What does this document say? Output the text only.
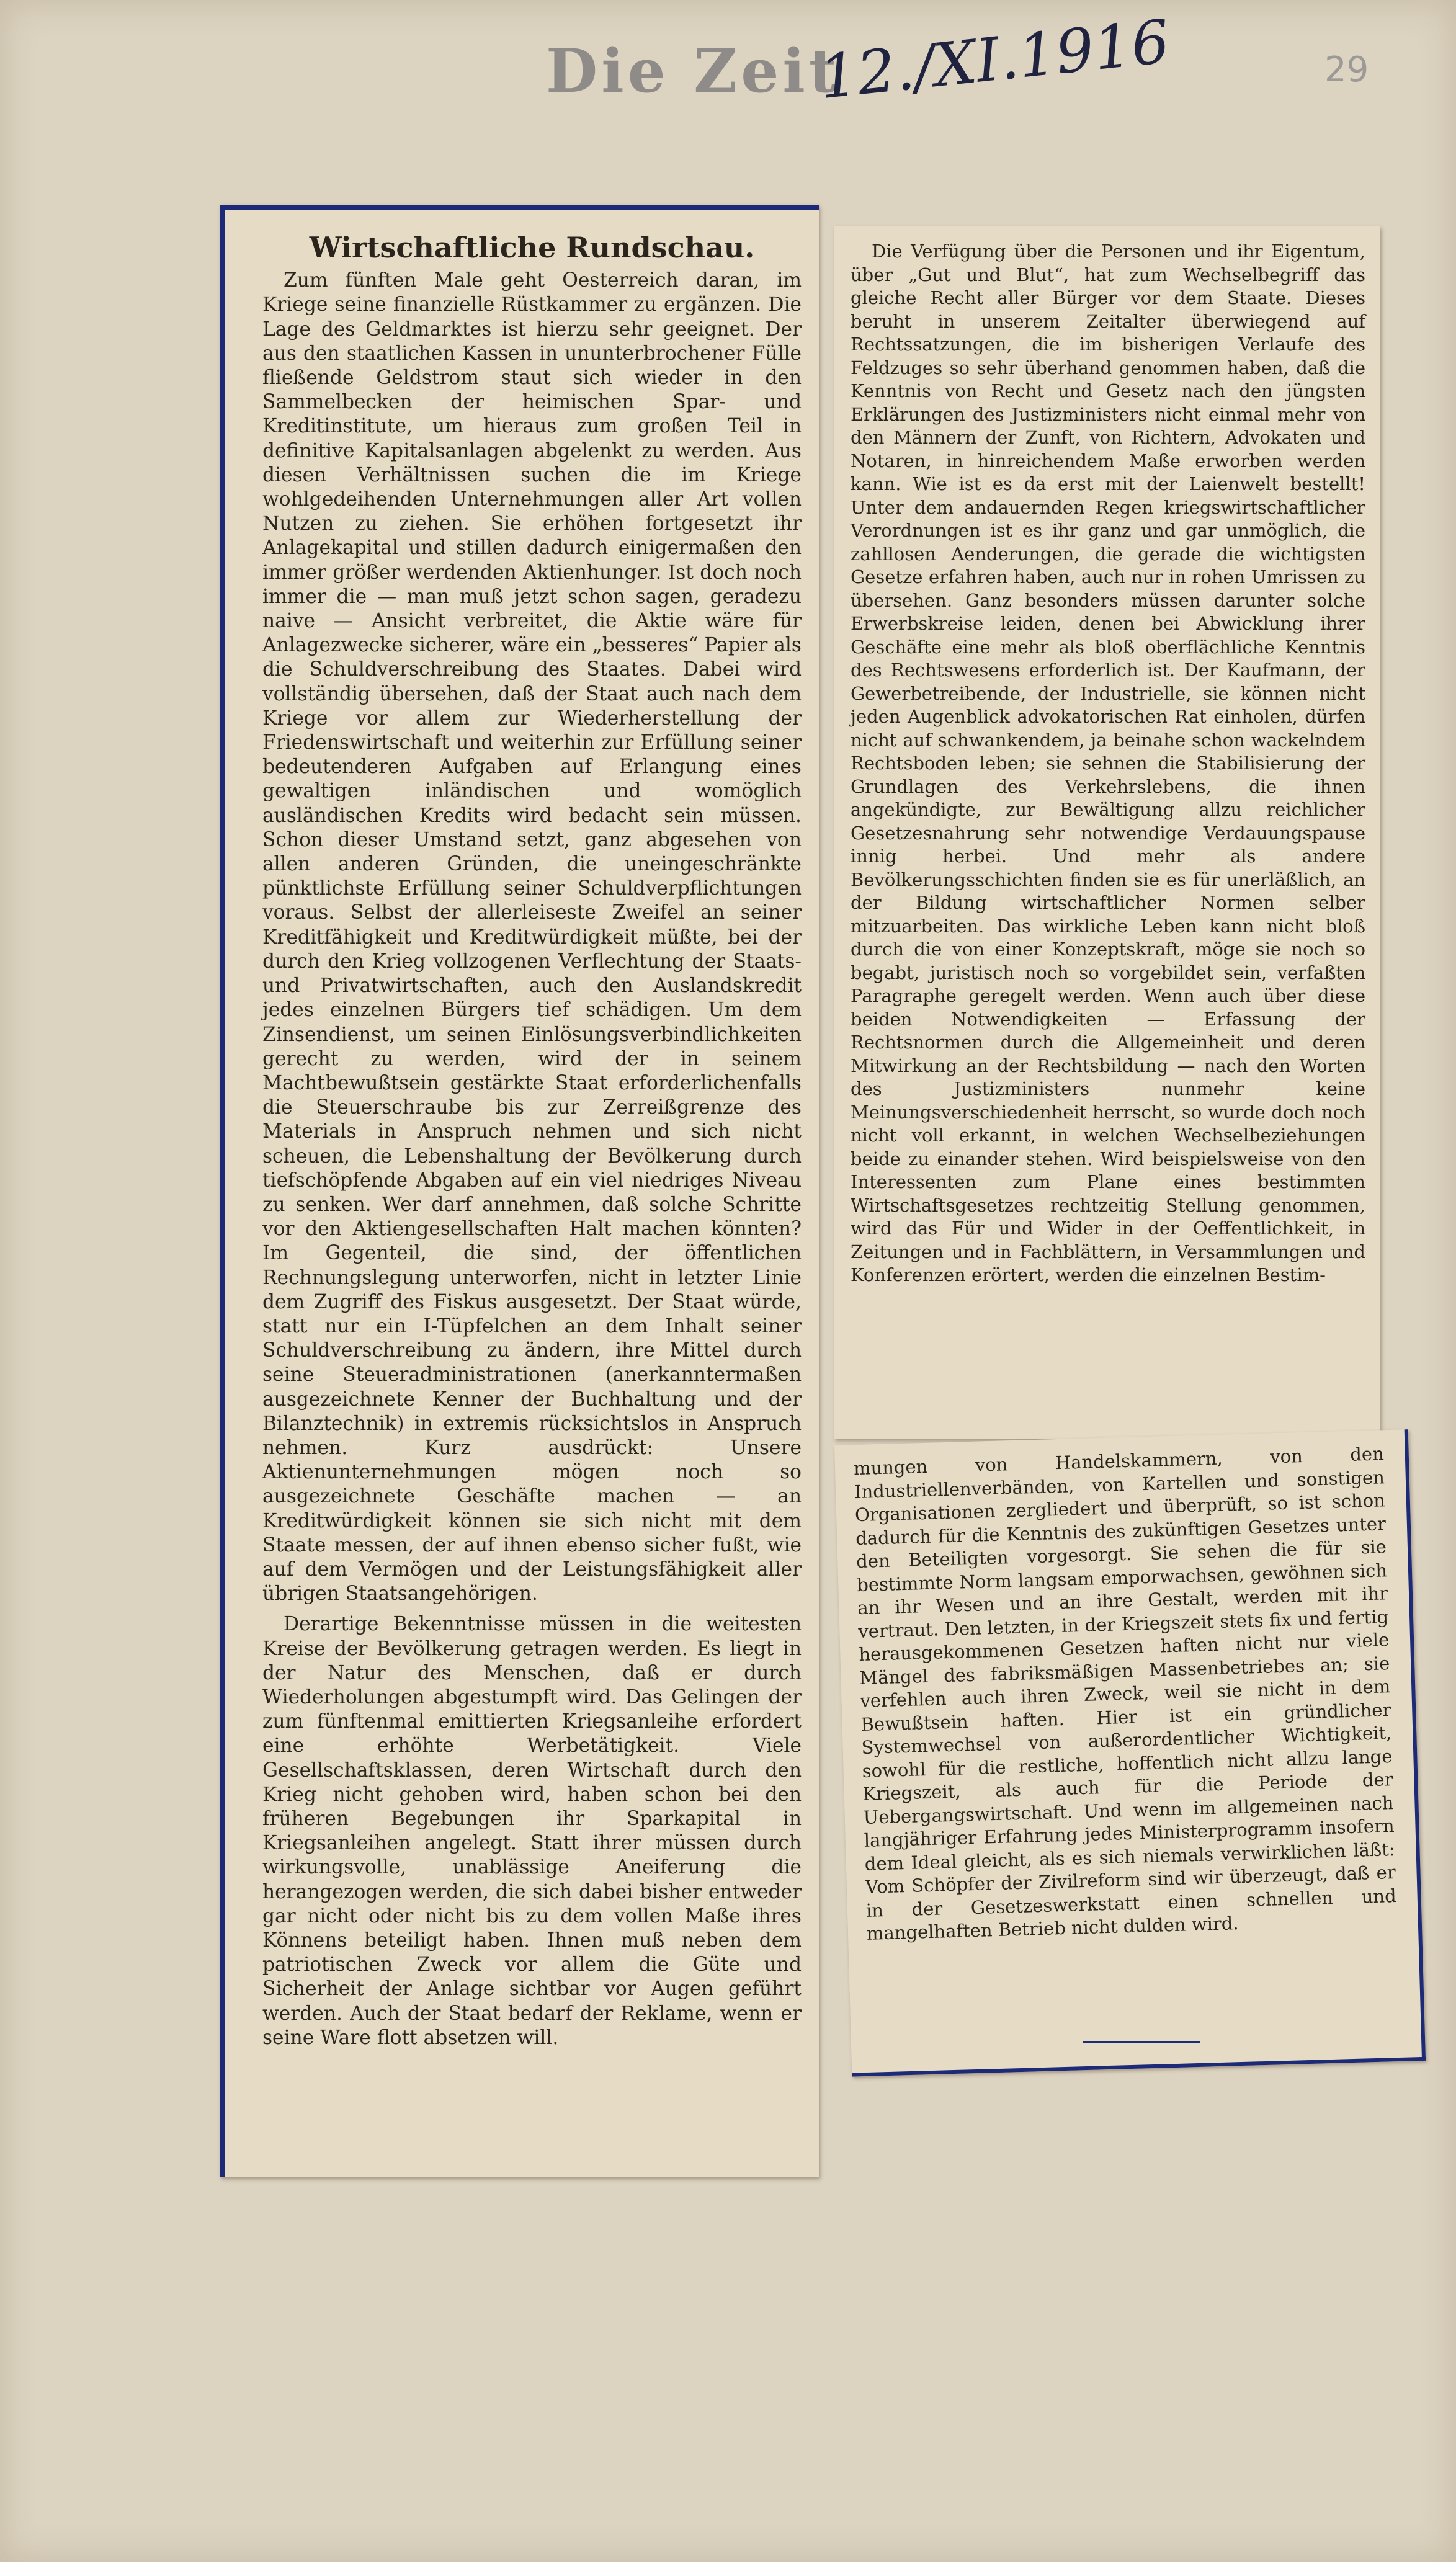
Die Zeit
12./XI.1916	29
Wirtschaftliche Rundschau.

Zum fünften Male geht Oesterreich daran, im Kriege seine finanzielle Rüstkammer zu ergänzen. Die Lage des Geldmarktes ist hierzu sehr geeignet. Der aus den staatlichen Kassen in ununterbrochener Fülle fließende Geldstrom staut sich wieder in den Sammelbecken der heimischen Spar- und Kreditinstitute, um hieraus zum großen Teil in definitive Kapitalsanlagen abgelenkt zu werden. Aus diesen Verhältnissen suchen die im Kriege wohlgedeihenden Unternehmungen aller Art vollen Nutzen zu ziehen. Sie erhöhen fortgesetzt ihr Anlagekapital und stillen dadurch einigermaßen den immer größer werdenden Aktienhunger. Ist doch noch immer die — man muß jetzt schon sagen, geradezu naive — Ansicht verbreitet, die Aktie wäre für Anlagezwecke sicherer, wäre ein „besseres“ Papier als die Schuldverschreibung des Staates. Dabei wird vollständig übersehen, daß der Staat auch nach dem Kriege vor allem zur Wiederherstellung der Friedenswirtschaft und weiterhin zur Erfüllung seiner bedeutenderen Aufgaben auf Erlangung eines gewaltigen inländischen und womöglich ausländischen Kredits wird bedacht sein müssen. Schon dieser Umstand setzt, ganz abgesehen von allen anderen Gründen, die uneingeschränkte pünktlichste Erfüllung seiner Schuldverpflichtungen voraus. Selbst der allerleiseste Zweifel an seiner Kreditfähigkeit und Kreditwürdigkeit müßte, bei der durch den Krieg vollzogenen Verflechtung der Staats- und Privatwirtschaften, auch den Auslandskredit jedes einzelnen Bürgers tief schädigen. Um dem Zinsendienst, um seinen Einlösungsverbindlichkeiten gerecht zu werden, wird der in seinem Machtbewußtsein gestärkte Staat erforderlichenfalls die Steuerschraube bis zur Zerreißgrenze des Materials in Anspruch nehmen und sich nicht scheuen, die Lebenshaltung der Bevölkerung durch tiefschöpfende Abgaben auf ein viel niedriges Niveau zu senken. Wer darf annehmen, daß solche Schritte vor den Aktiengesellschaften Halt machen könnten? Im Gegenteil, die sind, der öffentlichen Rechnungslegung unterworfen, nicht in letzter Linie dem Zugriff des Fiskus ausgesetzt. Der Staat würde, statt nur ein I-Tüpfelchen an dem Inhalt seiner Schuldverschreibung zu ändern, ihre Mittel durch seine Steueradministrationen (anerkanntermaßen ausgezeichnete Kenner der Buchhaltung und der Bilanztechnik) in extremis rücksichtslos in Anspruch nehmen. Kurz ausdrückt: Unsere Aktienunternehmungen mögen noch so ausgezeichnete Geschäfte machen — an Kreditwürdigkeit können sie sich nicht mit dem Staate messen, der auf ihnen ebenso sicher fußt, wie auf dem Vermögen und der Leistungsfähigkeit aller übrigen Staatsangehörigen.

Derartige Bekenntnisse müssen in die weitesten Kreise der Bevölkerung getragen werden. Es liegt in der Natur des Menschen, daß er durch Wiederholungen abgestumpft wird. Das Gelingen der zum fünftenmal emittierten Kriegsanleihe erfordert eine erhöhte Werbetätigkeit. Viele Gesellschaftsklassen, deren Wirtschaft durch den Krieg nicht gehoben wird, haben schon bei den früheren Begebungen ihr Sparkapital in Kriegsanleihen angelegt. Statt ihrer müssen durch wirkungsvolle, unablässige Aneiferung die herangezogen werden, die sich dabei bisher entweder gar nicht oder nicht bis zu dem vollen Maße ihres Könnens beteiligt haben. Ihnen muß neben dem patriotischen Zweck vor allem die Güte und Sicherheit der Anlage sichtbar vor Augen geführt werden. Auch der Staat bedarf der Reklame, wenn er seine Ware flott absetzen will.

Die Verfügung über die Personen und ihr Eigentum, über „Gut und Blut“, hat zum Wechselbegriff das gleiche Recht aller Bürger vor dem Staate. Dieses beruht in unserem Zeitalter überwiegend auf Rechtssatzungen, die im bisherigen Verlaufe des Feldzuges so sehr überhand genommen haben, daß die Kenntnis von Recht und Gesetz nach den jüngsten Erklärungen des Justizministers nicht einmal mehr von den Männern der Zunft, von Richtern, Advokaten und Notaren, in hinreichendem Maße erworben werden kann. Wie ist es da erst mit der Laienwelt bestellt! Unter dem andauernden Regen kriegswirtschaftlicher Verordnungen ist es ihr ganz und gar unmöglich, die zahllosen Aenderungen, die gerade die wichtigsten Gesetze erfahren haben, auch nur in rohen Umrissen zu übersehen. Ganz besonders müssen darunter solche Erwerbskreise leiden, denen bei Abwicklung ihrer Geschäfte eine mehr als bloß oberflächliche Kenntnis des Rechtswesens erforderlich ist. Der Kaufmann, der Gewerbetreibende, der Industrielle, sie können nicht jeden Augenblick advokatorischen Rat einholen, dürfen nicht auf schwankendem, ja beinahe schon wackelndem Rechtsboden leben; sie sehnen die Stabilisierung der Grundlagen des Verkehrslebens, die ihnen angekündigte, zur Bewältigung allzu reichlicher Gesetzesnahrung sehr notwendige Verdauungspause innig herbei. Und mehr als andere Bevölkerungsschichten finden sie es für unerläßlich, an der Bildung wirtschaftlicher Normen selber mitzuarbeiten. Das wirkliche Leben kann nicht bloß durch die von einer Konzeptskraft, möge sie noch so begabt, juristisch noch so vorgebildet sein, verfaßten Paragraphe geregelt werden. Wenn auch über diese beiden Notwendigkeiten — Erfassung der Rechtsnormen durch die Allgemeinheit und deren Mitwirkung an der Rechtsbildung — nach den Worten des Justizministers nunmehr keine Meinungsverschiedenheit herrscht, so wurde doch noch nicht voll erkannt, in welchen Wechselbeziehungen beide zu einander stehen. Wird beispielsweise von den Interessenten zum Plane eines bestimmten Wirtschaftsgesetzes rechtzeitig Stellung genommen, wird das Für und Wider in der Oeffentlichkeit, in Zeitungen und in Fachblättern, in Versammlungen und Konferenzen erörtert, werden die einzelnen Bestim-

mungen von Handelskammern, von den Industriellenverbänden, von Kartellen und sonstigen Organisationen zergliedert und überprüft, so ist schon dadurch für die Kenntnis des zukünftigen Gesetzes unter den Beteiligten vorgesorgt. Sie sehen die für sie bestimmte Norm langsam emporwachsen, gewöhnen sich an ihr Wesen und an ihre Gestalt, werden mit ihr vertraut. Den letzten, in der Kriegszeit stets fix und fertig herausgekommenen Gesetzen haften nicht nur viele Mängel des fabriksmäßigen Massenbetriebes an; sie verfehlen auch ihren Zweck, weil sie nicht in dem Bewußtsein haften. Hier ist ein gründlicher Systemwechsel von außerordentlicher Wichtigkeit, sowohl für die restliche, hoffentlich nicht allzu lange Kriegszeit, als auch für die Periode der Uebergangswirtschaft. Und wenn im allgemeinen nach langjähriger Erfahrung jedes Ministerprogramm insofern dem Ideal gleicht, als es sich niemals verwirklichen läßt: Vom Schöpfer der Zivilreform sind wir überzeugt, daß er in der Gesetzeswerkstatt einen schnellen und mangelhaften Betrieb nicht dulden wird.
